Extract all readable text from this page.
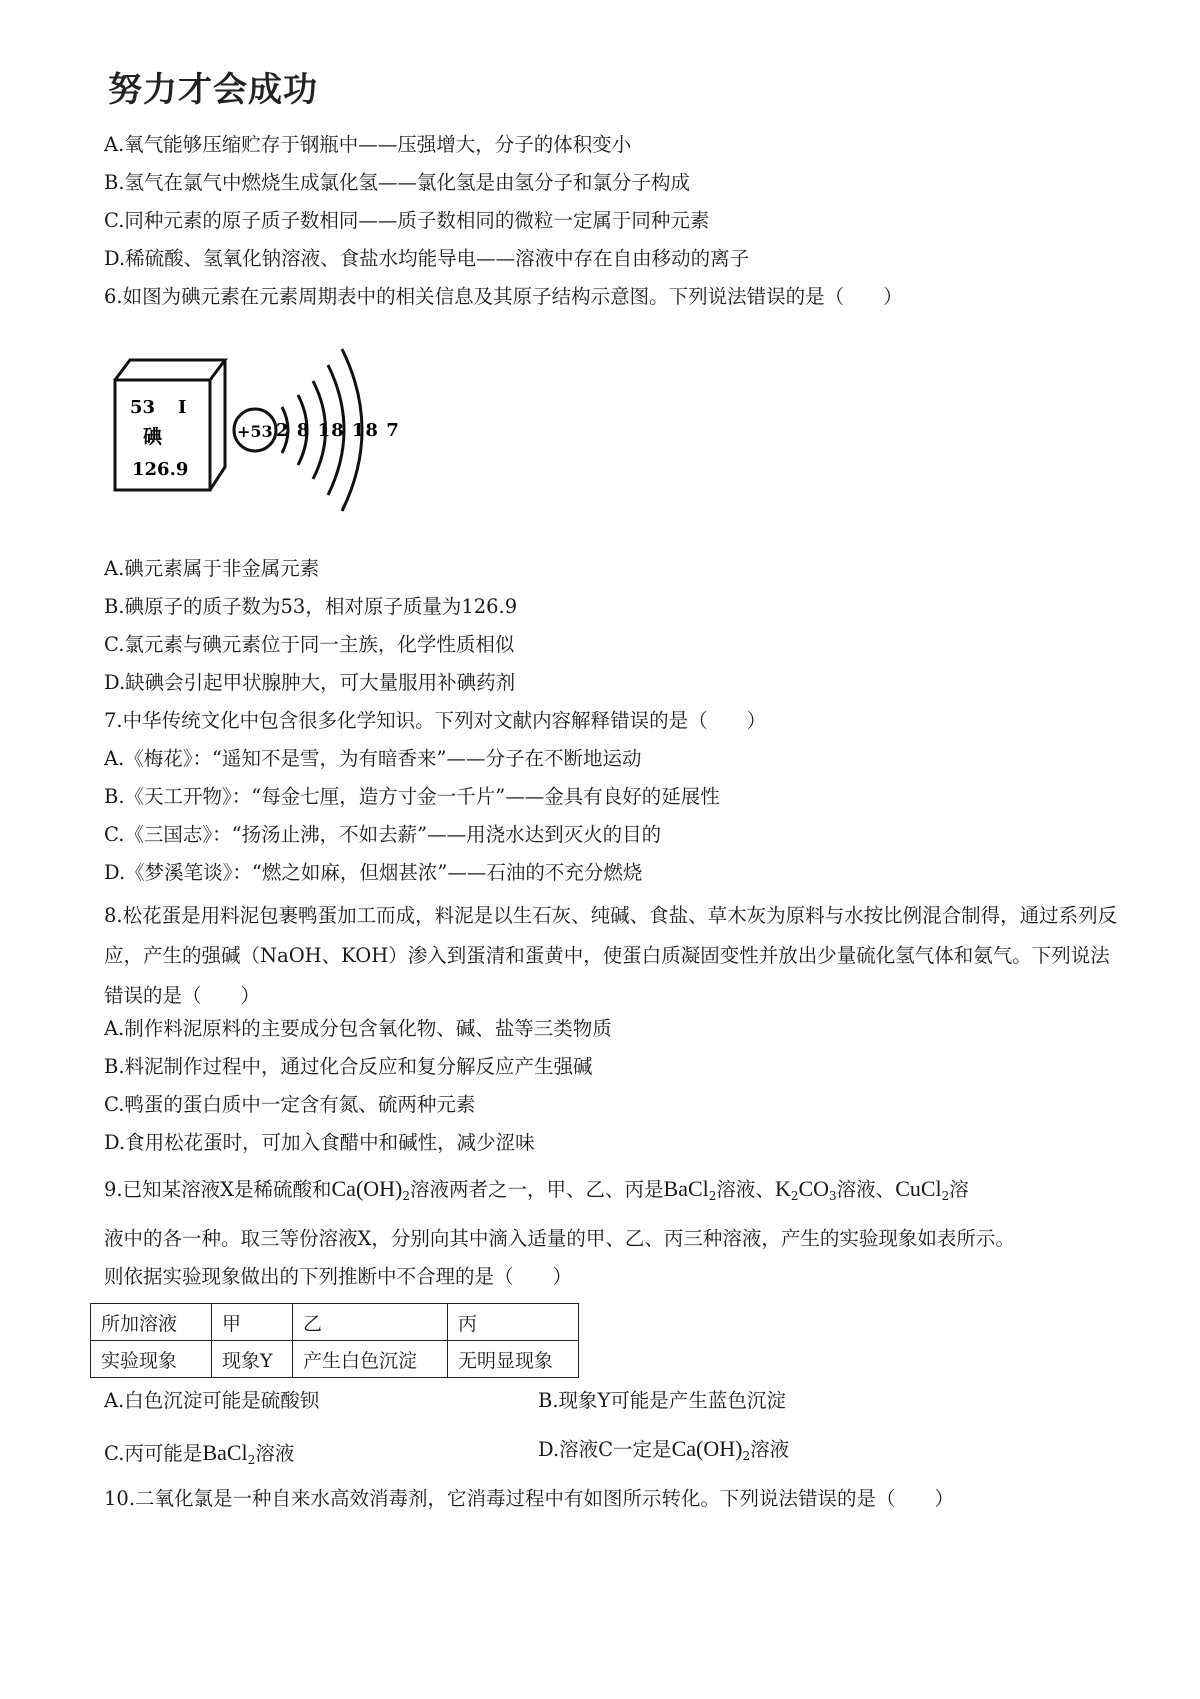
努力才会成功
A.氧气能够压缩贮存于钢瓶中——压强增大，分子的体积变小
B.氢气在氯气中燃烧生成氯化氢——氯化氢是由氢分子和氯分子构成
C.同种元素的原子质子数相同——质子数相同的微粒一定属于同种元素
D.稀硫酸、氢氧化钠溶液、食盐水均能导电——溶液中存在自由移动的离子
6.如图为碘元素在元素周期表中的相关信息及其原子结构示意图。下列说法错误的是（　　）
53 I
碘
126.9
+53 2 8 18 18 7
A.碘元素属于非金属元素
B.碘原子的质子数为53，相对原子质量为126.9
C.氯元素与碘元素位于同一主族，化学性质相似
D.缺碘会引起甲状腺肿大，可大量服用补碘药剂
7.中华传统文化中包含很多化学知识。下列对文献内容解释错误的是（　　）
A.《梅花》：“遥知不是雪，为有暗香来”——分子在不断地运动
B.《天工开物》：“每金七厘，造方寸金一千片”——金具有良好的延展性
C.《三国志》：“扬汤止沸，不如去薪”——用浇水达到灭火的目的
D.《梦溪笔谈》：“燃之如麻，但烟甚浓”——石油的不充分燃烧
8.松花蛋是用料泥包裹鸭蛋加工而成，料泥是以生石灰、纯碱、食盐、草木灰为原料与水按比例混合制得，通过系列反应，产生的强碱（NaOH、KOH）渗入到蛋清和蛋黄中，使蛋白质凝固变性并放出少量硫化氢气体和氨气。下列说法错误的是（　　）
A.制作料泥原料的主要成分包含氧化物、碱、盐等三类物质
B.料泥制作过程中，通过化合反应和复分解反应产生强碱
C.鸭蛋的蛋白质中一定含有氮、硫两种元素
D.食用松花蛋时，可加入食醋中和碱性，减少涩味
9.已知某溶液X是稀硫酸和$Ca(OH)_2$溶液两者之一，甲、乙、丙是BaCl$_2$溶液、$K_2CO_3$溶液、CuCl$_2$溶
液中的各一种。取三等份溶液X，分别向其中滴入适量的甲、乙、丙三种溶液，产生的实验现象如表所示。
则依据实验现象做出的下列推断中不合理的是（　　）
所加溶液	甲	乙	丙
实验现象	现象Y	产生白色沉淀	无明显现象
A.白色沉淀可能是硫酸钡	B.现象Y可能是产生蓝色沉淀
C.丙可能是BaCl$_2$溶液	D.溶液C一定是$Ca(OH)_2$溶液
10.二氧化氯是一种自来水高效消毒剂，它消毒过程中有如图所示转化。下列说法错误的是（　　）
